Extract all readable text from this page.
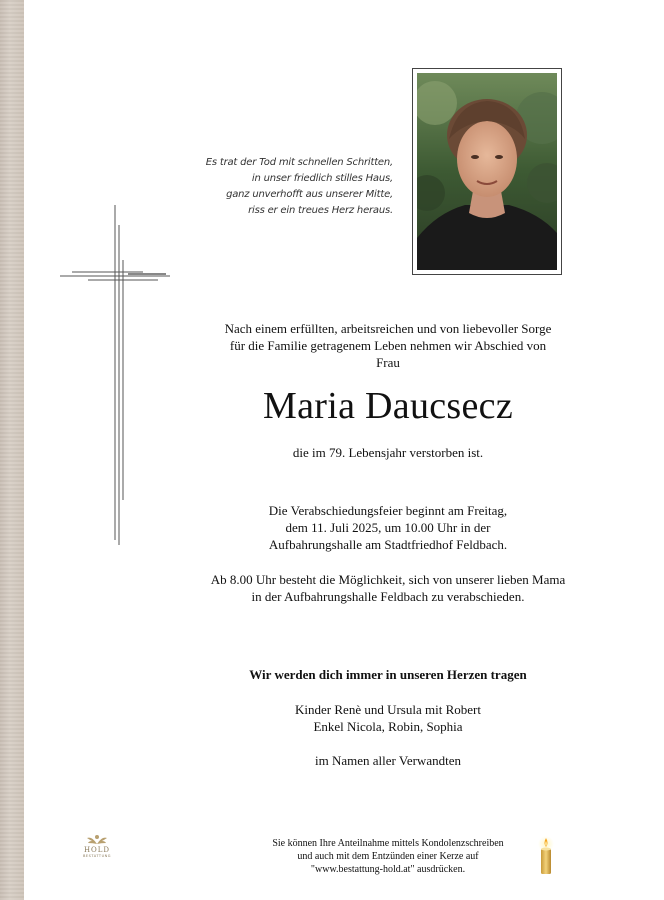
Es trat der Tod mit schnellen Schritten,
in unser friedlich stilles Haus,
ganz unverhofft aus unserer Mitte,
riss er ein treues Herz heraus.
Nach einem erfüllten, arbeitsreichen und von liebevoller Sorge
für die Familie getragenem Leben nehmen wir Abschied von
Frau
Maria Daucsecz
die im 79. Lebensjahr verstorben ist.
Die Verabschiedungsfeier beginnt am Freitag,
dem 11. Juli 2025, um 10.00 Uhr in der
Aufbahrungshalle am Stadtfriedhof Feldbach.
Ab 8.00 Uhr besteht die Möglichkeit, sich von unserer lieben Mama
in der Aufbahrungshalle Feldbach zu verabschieden.
Wir werden dich immer in unseren Herzen tragen
Kinder Renè und Ursula mit Robert
Enkel Nicola, Robin, Sophia
im Namen aller Verwandten
HOLD
BESTATTUNG
Sie können Ihre Anteilnahme mittels Kondolenzschreiben
und auch mit dem Entzünden einer Kerze auf
"www.bestattung-hold.at" ausdrücken.
